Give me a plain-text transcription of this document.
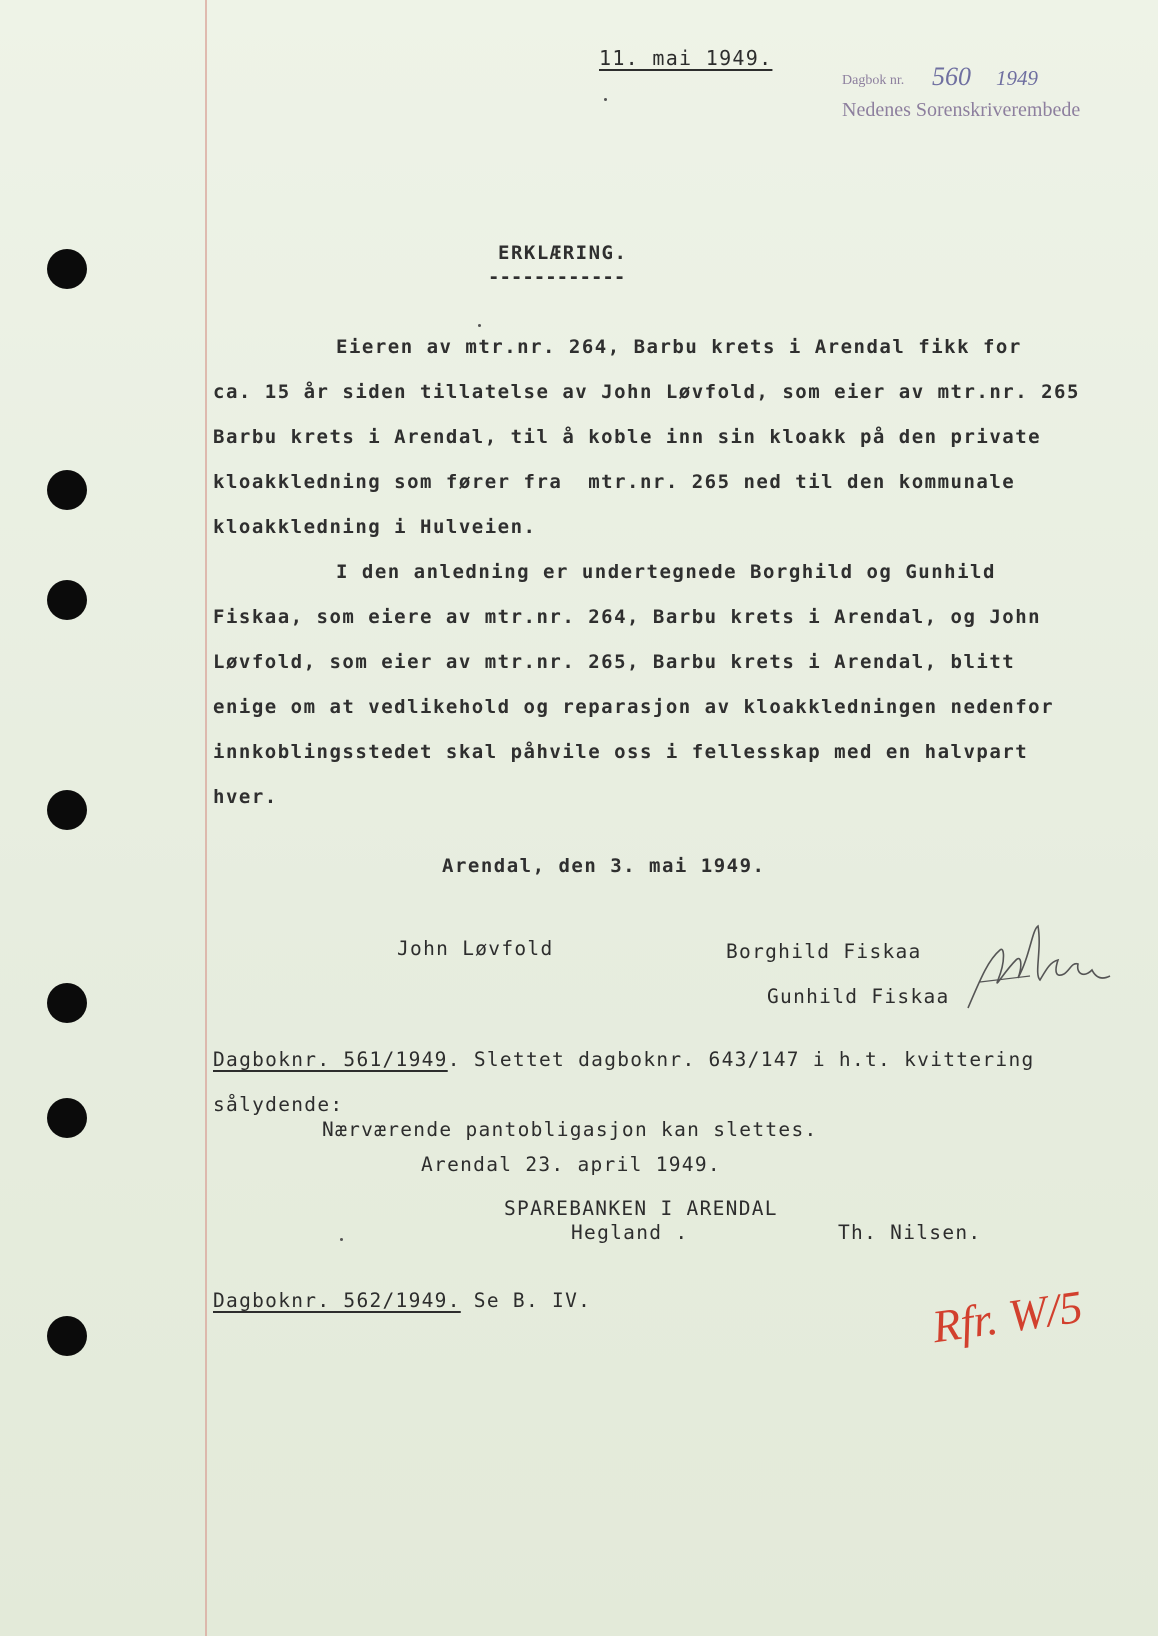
11. mai 1949.
Dagbok nr. 560 1949
Nedenes Sorenskriverembede
ERKLÆRING.
------------
Eieren av mtr.nr. 264, Barbu krets i Arendal fikk for
ca. 15 år siden tillatelse av John Løvfold, som eier av mtr.nr. 265
Barbu krets i Arendal, til å koble inn sin kloakk på den private
kloakkledning som fører fra  mtr.nr. 265 ned til den kommunale
kloakkledning i Hulveien.
I den anledning er undertegnede Borghild og Gunhild
Fiskaa, som eiere av mtr.nr. 264, Barbu krets i Arendal, og John
Løvfold, som eier av mtr.nr. 265, Barbu krets i Arendal, blitt
enige om at vedlikehold og reparasjon av kloakkledningen nedenfor
innkoblingsstedet skal påhvile oss i fellesskap med en halvpart
hver.
Arendal, den 3. mai 1949.
John Løvfold	Borghild Fiskaa
Gunhild Fiskaa
Dagboknr. 561/1949. Slettet dagboknr. 643/147 i h.t. kvittering
sålydende:
Nærværende pantobligasjon kan slettes.
Arendal 23. april 1949.
SPAREBANKEN I ARENDAL
Hegland .	Th. Nilsen.
Dagboknr. 562/1949. Se B. IV.	Rfr. W/5
